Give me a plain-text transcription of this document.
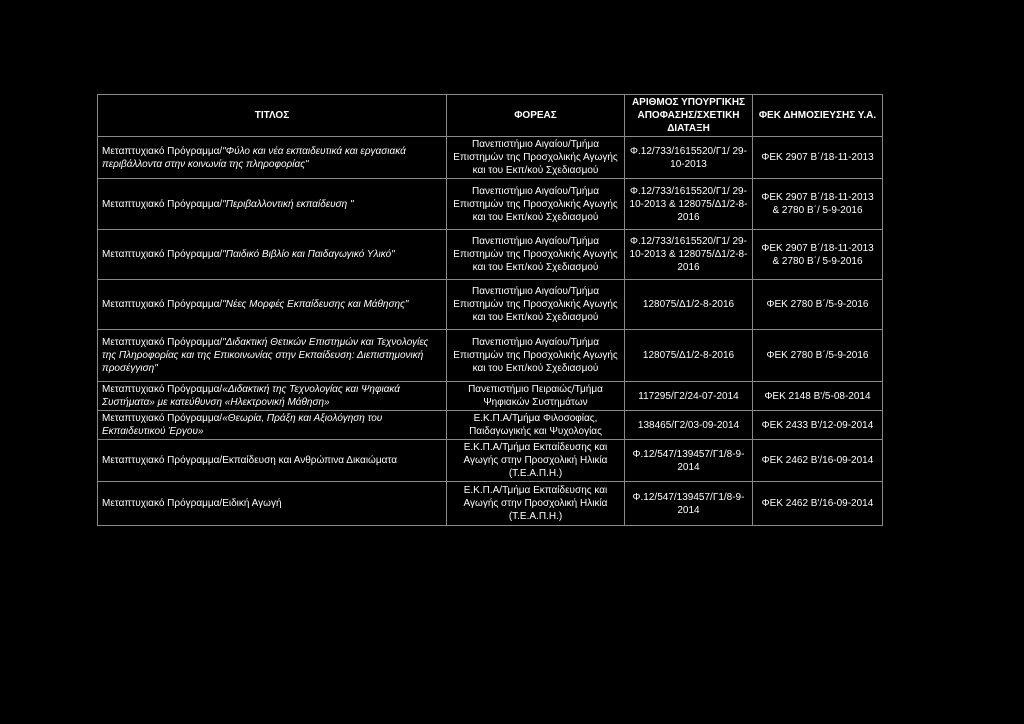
ΤΙΤΛΟΣ	ΦΟΡΕΑΣ	ΑΡΙΘΜΟΣ ΥΠΟΥΡΓΙΚΗΣ ΑΠΟΦΑΣΗΣ/ΣΧΕΤΙΚΗ ΔΙΑΤΑΞΗ	ΦΕΚ ΔΗΜΟΣΙΕΥΣΗΣ Υ.Α.
Μεταπτυχιακό Πρόγραμμα/"Φύλο και νέα εκπαιδευτικά και εργασιακά περιβάλλοντα στην κοινωνία της πληροφορίας"	Πανεπιστήμιο Αιγαίου/Τμήμα Επιστημών της Προσχολικής Αγωγής και του Εκπ/κού Σχεδιασμού	Φ.12/733/1615520/Γ1/ 29-10-2013	ΦΕΚ 2907 Β΄/18-11-2013
Μεταπτυχιακό Πρόγραμμα/"Περιβαλλοντική εκπαίδευση "	Πανεπιστήμιο Αιγαίου/Τμήμα Επιστημών της Προσχολικής Αγωγής και του Εκπ/κού Σχεδιασμού	Φ.12/733/1615520/Γ1/ 29-10-2013 & 128075/Δ1/2-8-2016	ΦΕΚ 2907 Β΄/18-11-2013 & 2780 Β΄/ 5-9-2016
Μεταπτυχιακό Πρόγραμμα/"Παιδικό Βιβλίο και Παιδαγωγικό Υλικό"	Πανεπιστήμιο Αιγαίου/Τμήμα Επιστημών της Προσχολικής Αγωγής και του Εκπ/κού Σχεδιασμού	Φ.12/733/1615520/Γ1/ 29-10-2013 & 128075/Δ1/2-8-2016	ΦΕΚ 2907 Β΄/18-11-2013 & 2780 Β΄/ 5-9-2016
Μεταπτυχιακό Πρόγραμμα/"Νέες Μορφές Εκπαίδευσης και Μάθησης"	Πανεπιστήμιο Αιγαίου/Τμήμα Επιστημών της Προσχολικής Αγωγής και του Εκπ/κού Σχεδιασμού	128075/Δ1/2-8-2016	ΦΕΚ 2780 Β΄/5-9-2016
Μεταπτυχιακό Πρόγραμμα/"Διδακτική Θετικών Επιστημών και Τεχνολογίες της Πληροφορίας και της Επικοινωνίας στην Εκπαίδευση: Διεπιστημονική προσέγγιση"	Πανεπιστήμιο Αιγαίου/Τμήμα Επιστημών της Προσχολικής Αγωγής και του Εκπ/κού Σχεδιασμού	128075/Δ1/2-8-2016	ΦΕΚ 2780 Β΄/5-9-2016
Μεταπτυχιακό Πρόγραμμα/«Διδακτική της Τεχνολογίας και Ψηφιακά Συστήματα» με κατεύθυνση «Ηλεκτρονική Μάθηση»	Πανεπιστήμιο Πειραιώς/Τμήμα Ψηφιακών Συστημάτων	117295/Γ2/24-07-2014	ΦΕΚ 2148 Β'/5-08-2014
Μεταπτυχιακό Πρόγραμμα/«Θεωρία, Πράξη και Αξιολόγηση του Εκπαιδευτικού Έργου»	Ε.Κ.Π.Α/Τμήμα Φιλοσοφίας, Παιδαγωγικής και Ψυχολογίας	138465/Γ2/03-09-2014	ΦΕΚ 2433 Β'/12-09-2014
Μεταπτυχιακό Πρόγραμμα/Εκπαίδευση και Ανθρώπινα Δικαιώματα	Ε.Κ.Π.Α/Τμήμα Εκπαίδευσης και Αγωγής στην Προσχολική Ηλικία (Τ.Ε.Α.Π.Η.)	Φ.12/547/139457/Γ1/8-9-2014	ΦΕΚ 2462 Β'/16-09-2014
Μεταπτυχιακό Πρόγραμμα/Ειδική Αγωγή	Ε.Κ.Π.Α/Τμήμα Εκπαίδευσης και Αγωγής στην Προσχολική Ηλικία (Τ.Ε.Α.Π.Η.)	Φ.12/547/139457/Γ1/8-9-2014	ΦΕΚ 2462 Β'/16-09-2014
